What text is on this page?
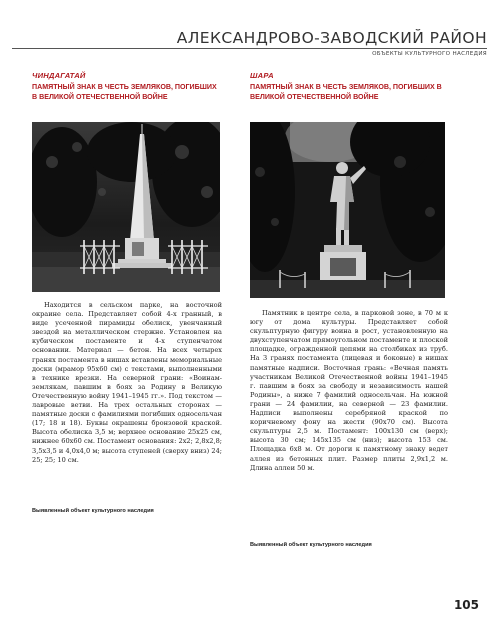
АЛЕКСАНДРОВО-ЗАВОДСКИЙ РАЙОН
ОБЪЕКТЫ КУЛЬТУРНОГО НАСЛЕДИЯ
ЧИНДАГАТАЙ
ПАМЯТНЫЙ ЗНАК В ЧЕСТЬ ЗЕМЛЯКОВ, ПОГИБШИХ В ВЕЛИКОЙ ОТЕЧЕСТВЕННОЙ ВОЙНЕ
ШАРА
ПАМЯТНЫЙ ЗНАК В ЧЕСТЬ ЗЕМЛЯКОВ, ПОГИБШИХ В ВЕЛИКОЙ ОТЕЧЕСТВЕННОЙ ВОЙНЕ

Находится в сельском парке, на восточной окраине села. Представляет собой 4-х гранный, в виде усеченной пирамиды обелиск, увенчанный звездой на металлическом стержне. Установлен на кубическом постаменте и 4-х ступенчатом основании. Материал — бетон. На всех четырех гранях постамента в нишах вставлены мемориальные доски (мрамор 95х60 см) с текстами, выполненными в технике врезки. На северной грани: «Воинам-землякам, павшим в боях за Родину в Великую Отечественную войну 1941–1945 гг.». Под текстом — лавровые ветви. На трех остальных сторонах — памятные доски с фамилиями погибших односельчан (17; 18 и 18). Буквы окрашены бронзовой краской. Высота обелиска 3,5 м; верхнее основание 25х25 см, нижнее 60х60 см. Постамент основания: 2х2; 2,8х2,8; 3,5х3,5 и 4,0х4,0 м; высота ступеней (сверху вниз) 24; 25; 25; 10 см.

Выявленный объект культурного наследия

Памятник в центре села, в парковой зоне, в 70 м к югу от дома культуры. Представляет собой скульптурную фигуру воина в рост, установленную на двухступенчатом прямоугольном постаменте и плоской площадке, огражденной цепями на столбиках из труб. На 3 гранях постамента (лицевая и боковые) в нишах памятные надписи. Восточная грань: «Вечная память участникам Великой Отечественной войны 1941–1945 г. павшим в боях за свободу и независимость нашей Родины», а ниже 7 фамилий односельчан. На южной грани — 24 фамилии, на северной — 23 фамилии. Надписи выполнены серебряной краской по коричневому фону на жести (90х70 см). Высота скульптуры 2,5 м. Постамент: 100х130 см (верх); высота 30 см; 145х135 см (низ); высота 153 см. Площадка 6х8 м. От дороги к памятному знаку ведет аллея из бетонных плит. Размер плиты 2,9х1,2 м. Длина аллеи 50 м.

Выявленный объект культурного наследия
105
